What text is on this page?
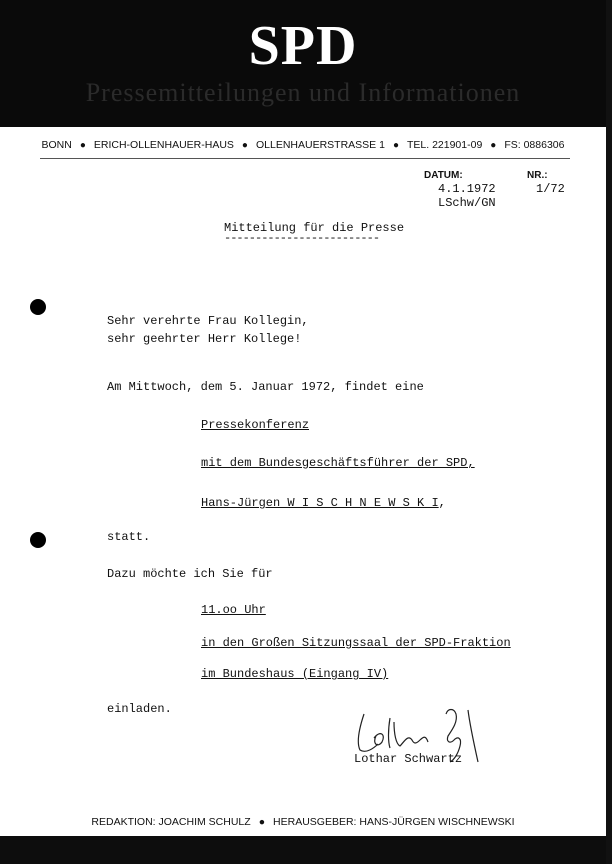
SPD
Pressemitteilungen und Informationen
BONN ● ERICH-OLLENHAUER-HAUS ● OLLENHAUERSTRASSE 1 ● TEL. 221901-09 ● FS: 0886306
DATUM:	NR.:
4.1.1972	1/72
LSchw/GN
Mitteilung für die Presse
-------------------------
Sehr verehrte Frau Kollegin,
sehr geehrter Herr Kollege!
Am Mittwoch, dem 5. Januar 1972, findet eine
Pressekonferenz
mit dem Bundesgeschäftsführer der SPD,
Hans-Jürgen W I S C H N E W S K I,
statt.
Dazu möchte ich Sie für
11.oo Uhr
in den Großen Sitzungssaal der SPD-Fraktion
im Bundeshaus (Eingang IV)
einladen.
Lothar Schwartz
REDAKTION: JOACHIM SCHULZ ● HERAUSGEBER: HANS-JÜRGEN WISCHNEWSKI
